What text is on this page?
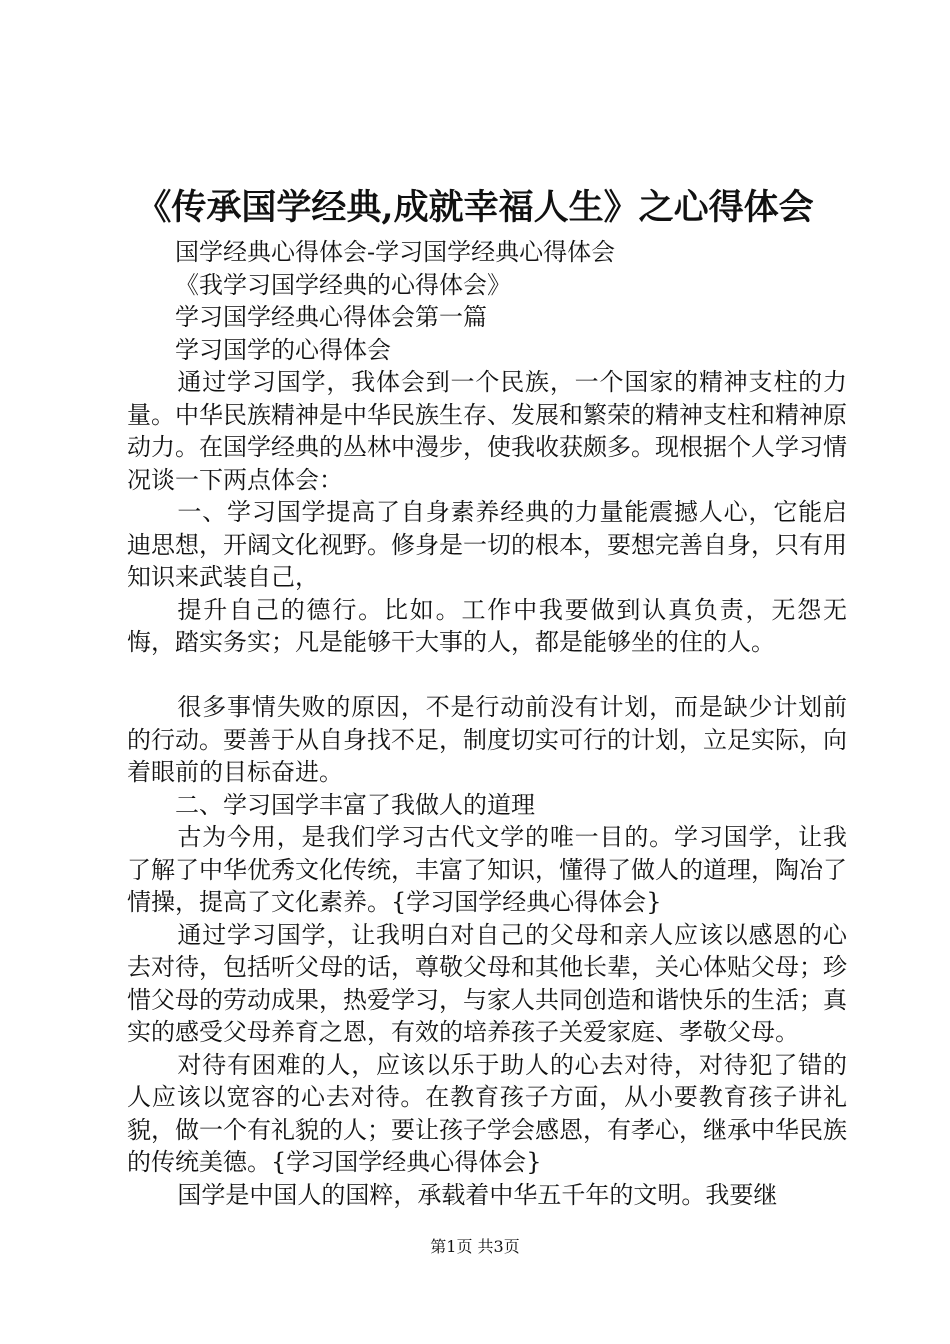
《传承国学经典,成就幸福人生》之心得体会

国学经典心得体会-学习国学经典心得体会

《我学习国学经典的心得体会》

学习国学经典心得体会第一篇

学习国学的心得体会

通过学习国学，我体会到一个民族，一个国家的精神支柱的力量。中华民族精神是中华民族生存、发展和繁荣的精神支柱和精神原动力。在国学经典的丛林中漫步，使我收获颇多。现根据个人学习情况谈一下两点体会：

一、学习国学提高了自身素养经典的力量能震撼人心，它能启迪思想，开阔文化视野。修身是一切的根本，要想完善自身，只有用知识来武装自己，

提升自己的德行。比如。工作中我要做到认真负责，无怨无悔，踏实务实；凡是能够干大事的人，都是能够坐的住的人。

很多事情失败的原因，不是行动前没有计划，而是缺少计划前的行动。要善于从自身找不足，制度切实可行的计划，立足实际，向着眼前的目标奋进。

二、学习国学丰富了我做人的道理

古为今用，是我们学习古代文学的唯一目的。学习国学，让我了解了中华优秀文化传统，丰富了知识，懂得了做人的道理，陶冶了情操，提高了文化素养。{学习国学经典心得体会}

通过学习国学，让我明白对自己的父母和亲人应该以感恩的心去对待，包括听父母的话，尊敬父母和其他长辈，关心体贴父母；珍惜父母的劳动成果，热爱学习，与家人共同创造和谐快乐的生活；真实的感受父母养育之恩，有效的培养孩子关爱家庭、孝敬父母。

对待有困难的人，应该以乐于助人的心去对待，对待犯了错的人应该以宽容的心去对待。在教育孩子方面，从小要教育孩子讲礼貌，做一个有礼貌的人；要让孩子学会感恩，有孝心，继承中华民族的传统美德。{学习国学经典心得体会}

国学是中国人的国粹，承载着中华五千年的文明。我要继

第1页 共3页
